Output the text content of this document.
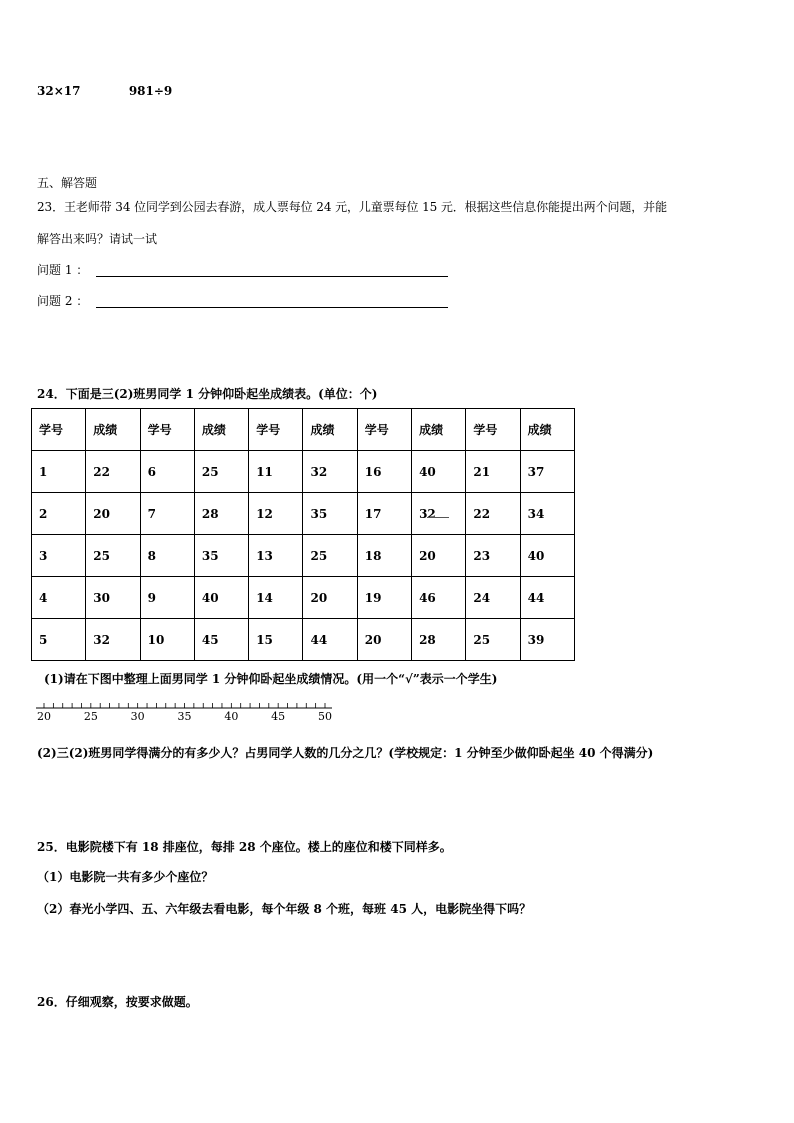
32×17	981÷9
五、解答题
23．王老师带 34 位同学到公园去春游，成人票每位 24 元，儿童票每位 15 元．根据这些信息你能提出两个问题，并能
解答出来吗？请试一试
问题 1 ：
问题 2 ：
24．下面是三(2)班男同学 1 分钟仰卧起坐成绩表。(单位：个)
学号	成绩	学号	成绩	学号	成绩	学号	成绩	学号	成绩
1	22	6	25	11	32	16	40	21	37
2	20	7	28	12	35	17	32	22	34
3	25	8	35	13	25	18	20	23	40
4	30	9	40	14	20	19	46	24	44
5	32	10	45	15	44	20	28	25	39
(1)请在下图中整理上面男同学 1 分钟仰卧起坐成绩情况。(用一个“√”表示一个学生)
20	25	30	35	40	45	50
(2)三(2)班男同学得满分的有多少人？占男同学人数的几分之几？(学校规定：1 分钟至少做仰卧起坐 40 个得满分)
25．电影院楼下有 18 排座位，每排 28 个座位。楼上的座位和楼下同样多。
（1）电影院一共有多少个座位？
（2）春光小学四、五、六年级去看电影，每个年级 8 个班，每班 45 人，电影院坐得下吗？
26．仔细观察，按要求做题。
